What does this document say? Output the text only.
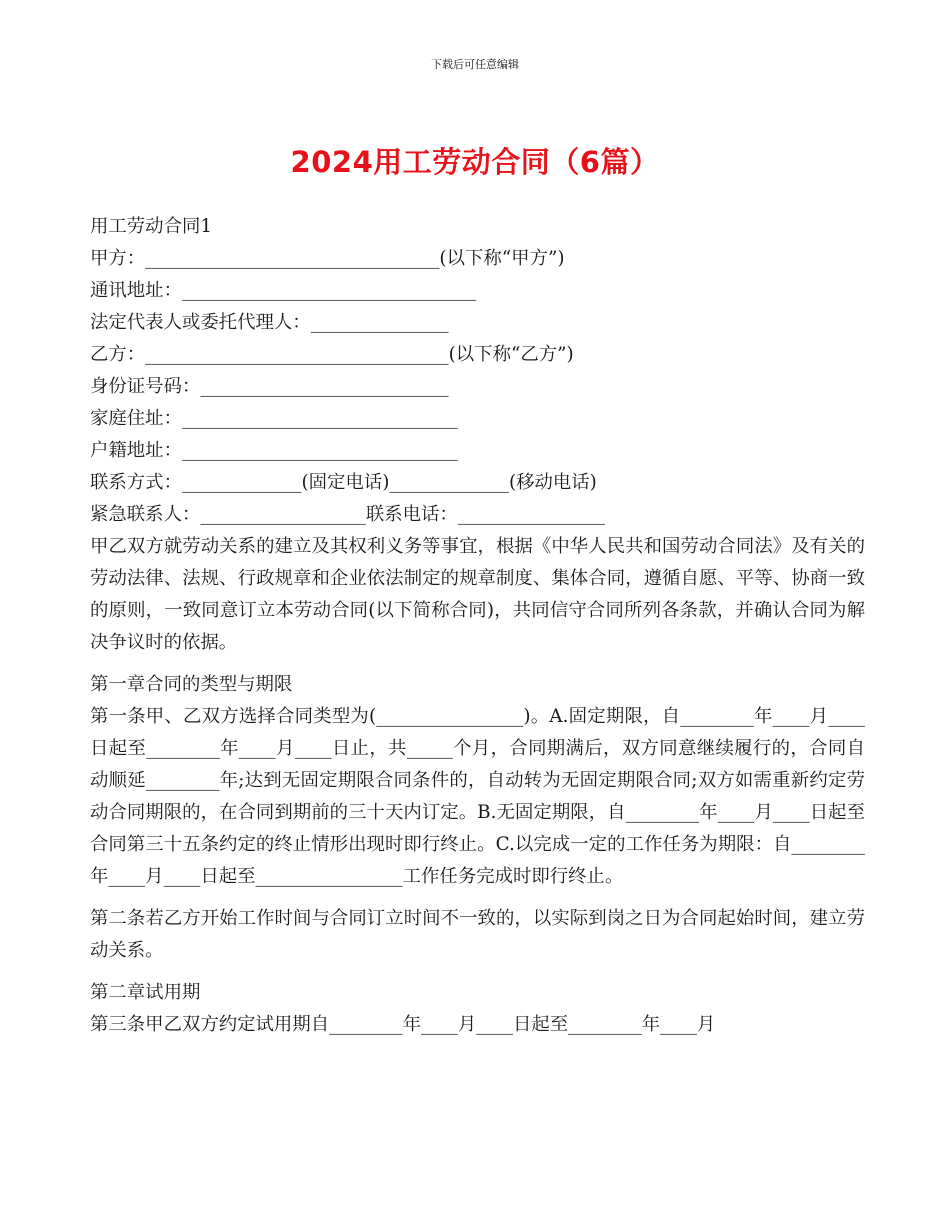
下载后可任意编辑
2024用工劳动合同（6篇）
用工劳动合同1
甲方：________________________________(以下称“甲方”)
通讯地址：________________________________
法定代表人或委托代理人：_______________
乙方：_________________________________(以下称“乙方”)
身份证号码：___________________________
家庭住址：______________________________
户籍地址：______________________________
联系方式：_____________(固定电话)_____________(移动电话)
紧急联系人：__________________联系电话：________________

甲乙双方就劳动关系的建立及其权利义务等事宜，根据《中华人民共和国劳动合同法》及有关的劳动法律、法规、行政规章和企业依法制定的规章制度、集体合同，遵循自愿、平等、协商一致的原则，一致同意订立本劳动合同(以下简称合同)，共同信守合同所列各条款，并确认合同为解决争议时的依据。

第一章合同的类型与期限

第一条甲、乙双方选择合同类型为(________________)。A.固定期限，自________年____月____日起至________年____月____日止，共_____个月，合同期满后，双方同意继续履行的，合同自动顺延________年;达到无固定期限合同条件的，自动转为无固定期限合同;双方如需重新约定劳动合同期限的，在合同到期前的三十天内订定。B.无固定期限，自________年____月____日起至合同第三十五条约定的终止情形出现时即行终止。C.以完成一定的工作任务为期限：自________年____月____日起至________________工作任务完成时即行终止。

第二条若乙方开始工作时间与合同订立时间不一致的，以实际到岗之日为合同起始时间，建立劳动关系。

第二章试用期

第三条甲乙双方约定试用期自________年____月____日起至________年____月
